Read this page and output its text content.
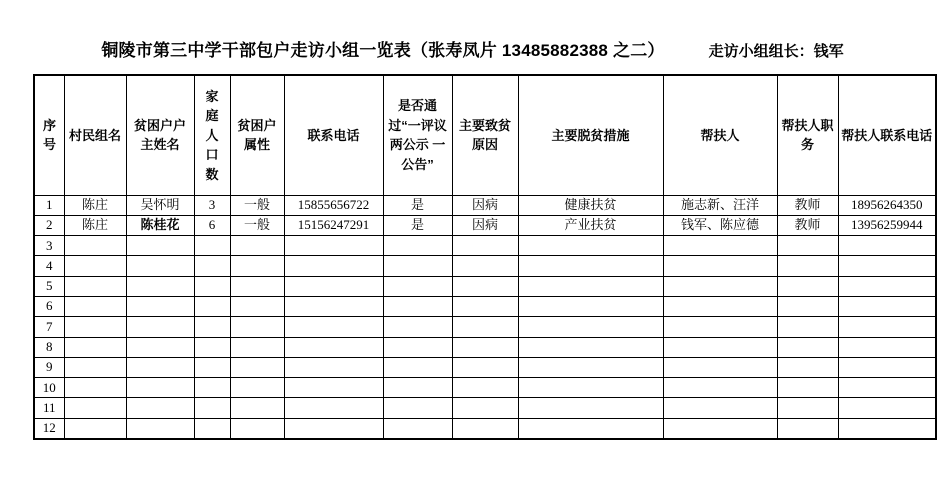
铜陵市第三中学干部包户走访小组一览表（张寿凤片 13485882388 之二）	走访小组组长：钱军
序号	村民组名	贫困户户主姓名	家庭人口数	贫困户属性	联系电话	是否通过“一评议 两公示 一公告”	主要致贫原因	主要脱贫措施	帮扶人	帮扶人职务	帮扶人联系电话
1	陈庄	吴怀明	3	一般	15855656722	是	因病	健康扶贫	施志新、汪洋	教师	18956264350
2	陈庄	陈桂花	6	一般	15156247291	是	因病	产业扶贫	钱军、陈应德	教师	13956259944
3											
4											
5											
6											
7											
8											
9											
10											
11											
12											
